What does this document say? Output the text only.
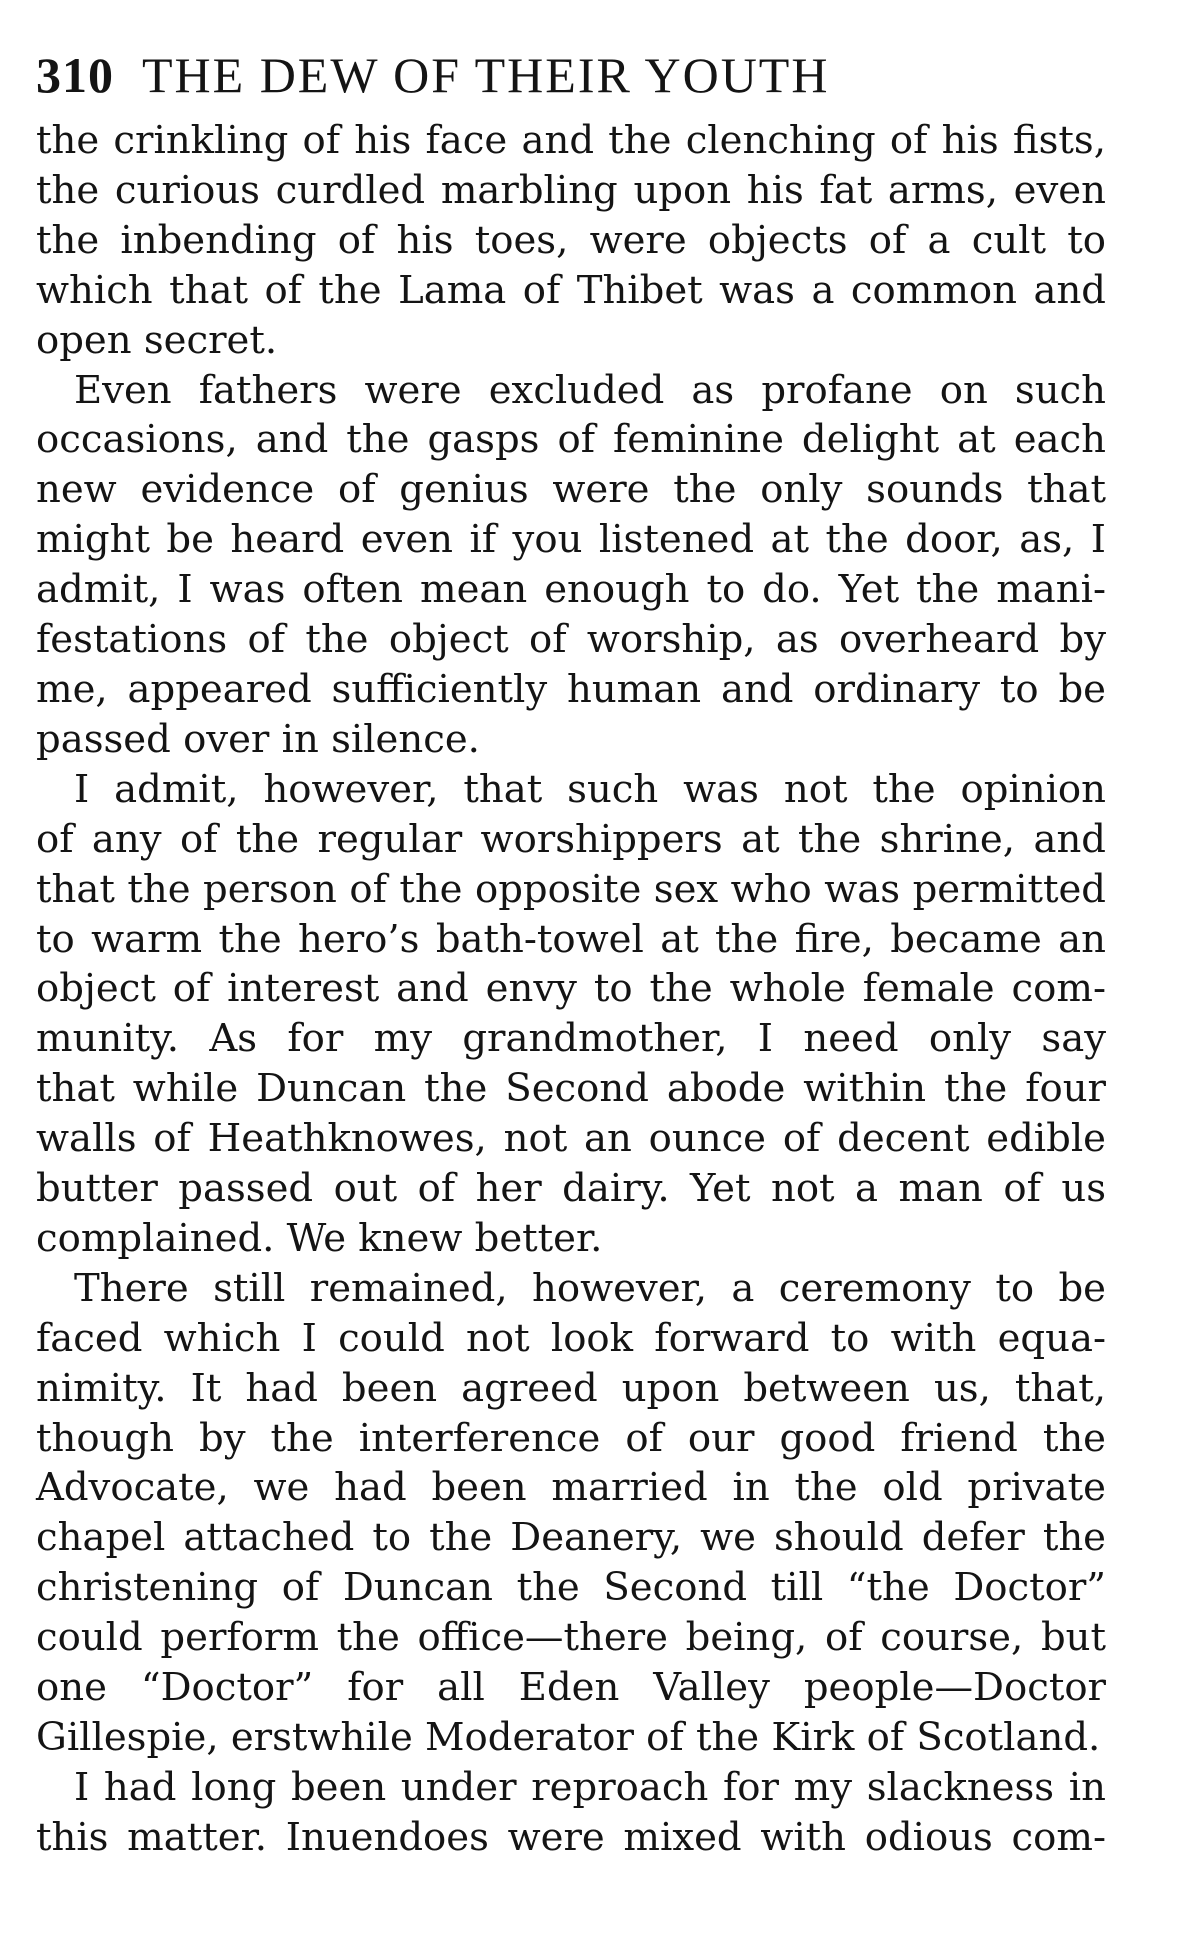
310 THE DEW OF THEIR YOUTH
the crinkling of his face and the clenching of his fists,
the curious curdled marbling upon his fat arms, even
the inbending of his toes, were objects of a cult to
which that of the Lama of Thibet was a common and
open secret.
Even fathers were excluded as profane on such
occasions, and the gasps of feminine delight at each
new evidence of genius were the only sounds that
might be heard even if you listened at the door, as, I
admit, I was often mean enough to do. Yet the mani-
festations of the object of worship, as overheard by
me, appeared sufficiently human and ordinary to be
passed over in silence.
I admit, however, that such was not the opinion
of any of the regular worshippers at the shrine, and
that the person of the opposite sex who was permitted
to warm the hero’s bath-towel at the fire, became an
object of interest and envy to the whole female com-
munity. As for my grandmother, I need only say
that while Duncan the Second abode within the four
walls of Heathknowes, not an ounce of decent edible
butter passed out of her dairy. Yet not a man of us
complained. We knew better.
There still remained, however, a ceremony to be
faced which I could not look forward to with equa-
nimity. It had been agreed upon between us, that,
though by the interference of our good friend the
Advocate, we had been married in the old private
chapel attached to the Deanery, we should defer the
christening of Duncan the Second till “the Doctor”
could perform the office—there being, of course, but
one “Doctor” for all Eden Valley people—Doctor
Gillespie, erstwhile Moderator of the Kirk of Scotland.
I had long been under reproach for my slackness in
this matter. Inuendoes were mixed with odious com-
